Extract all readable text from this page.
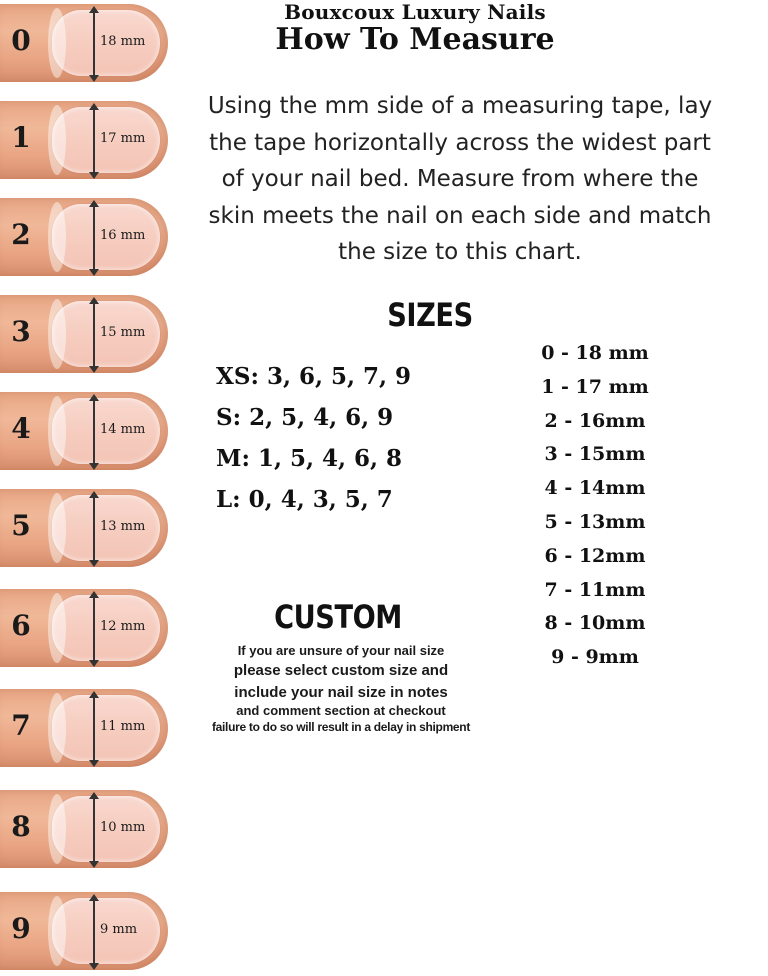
0	18 mm
1	17 mm
2	16 mm
3	15 mm
4	14 mm
5	13 mm
6	12 mm
7	11 mm
8	10 mm
9	9 mm
Bouxcoux Luxury Nails
How To Measure
Using the mm side of a measuring tape, lay
the tape horizontally across the widest part
of your nail bed. Measure from where the
skin meets the nail on each side and match
the size to this chart.
SIZES
XS: 3, 6, 5, 7, 9
S: 2, 5, 4, 6, 9
M: 1, 5, 4, 6, 8
L: 0, 4, 3, 5, 7
0 - 18 mm
1 - 17 mm
2 - 16mm
3 - 15mm
4 - 14mm
5 - 13mm
6 - 12mm
7 - 11mm
8 - 10mm
9 - 9mm
CUSTOM
If you are unsure of your nail size
please select custom size and
include your nail size in notes
and comment section at checkout
failure to do so will result in a delay in shipment
